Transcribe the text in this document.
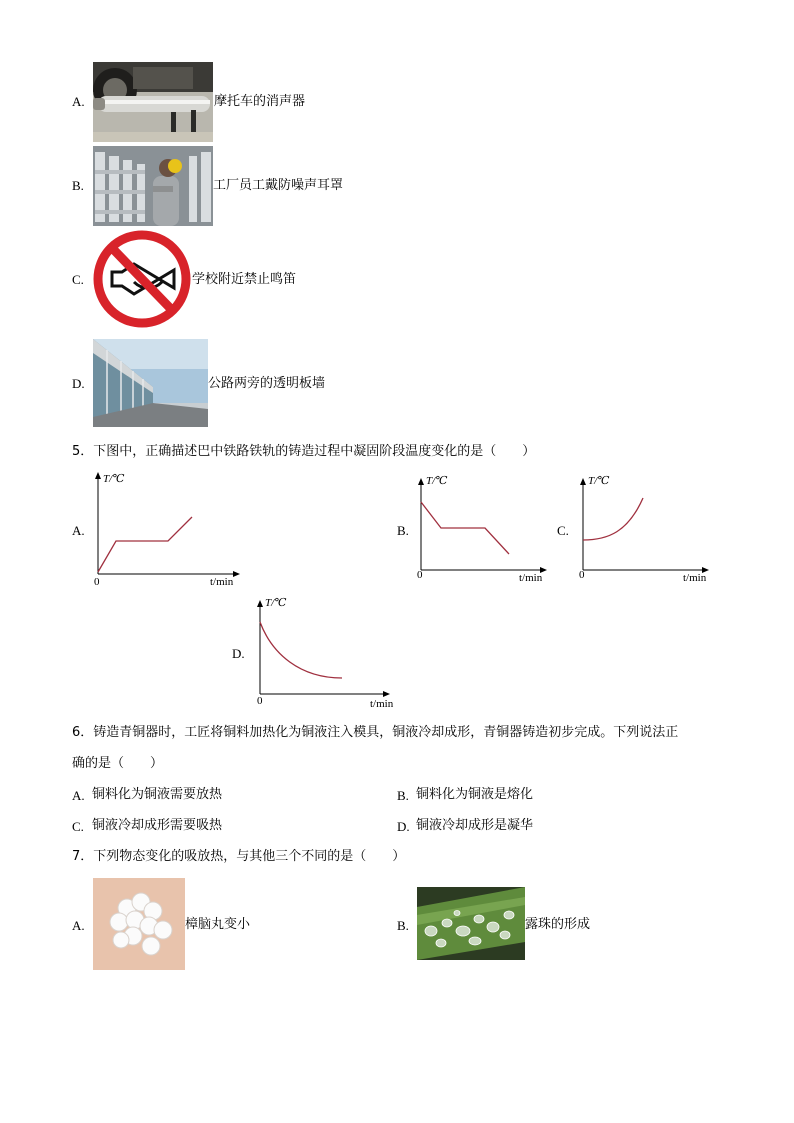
A.	摩托车的消声器
B.	工厂员工戴防噪声耳罩
C.	学校附近禁止鸣笛
D.	公路两旁的透明板墙
5．下图中，正确描述巴中铁路铁轨的铸造过程中凝固阶段温度变化的是（　　）
A.
T/℃
0	t/min
B.
T/℃
0	t/min
C.
T/℃
0	t/min
D.
T/℃
0	t/min
6．铸造青铜器时，工匠将铜料加热化为铜液注入模具，铜液冷却成形，青铜器铸造初步完成。下列说法正
确的是（　　）
A. 铜料化为铜液需要放热	B. 铜料化为铜液是熔化
C. 铜液冷却成形需要吸热	D. 铜液冷却成形是凝华
7．下列物态变化的吸放热，与其他三个不同的是（　　）
A.	樟脑丸变小	B.	露珠的形成
